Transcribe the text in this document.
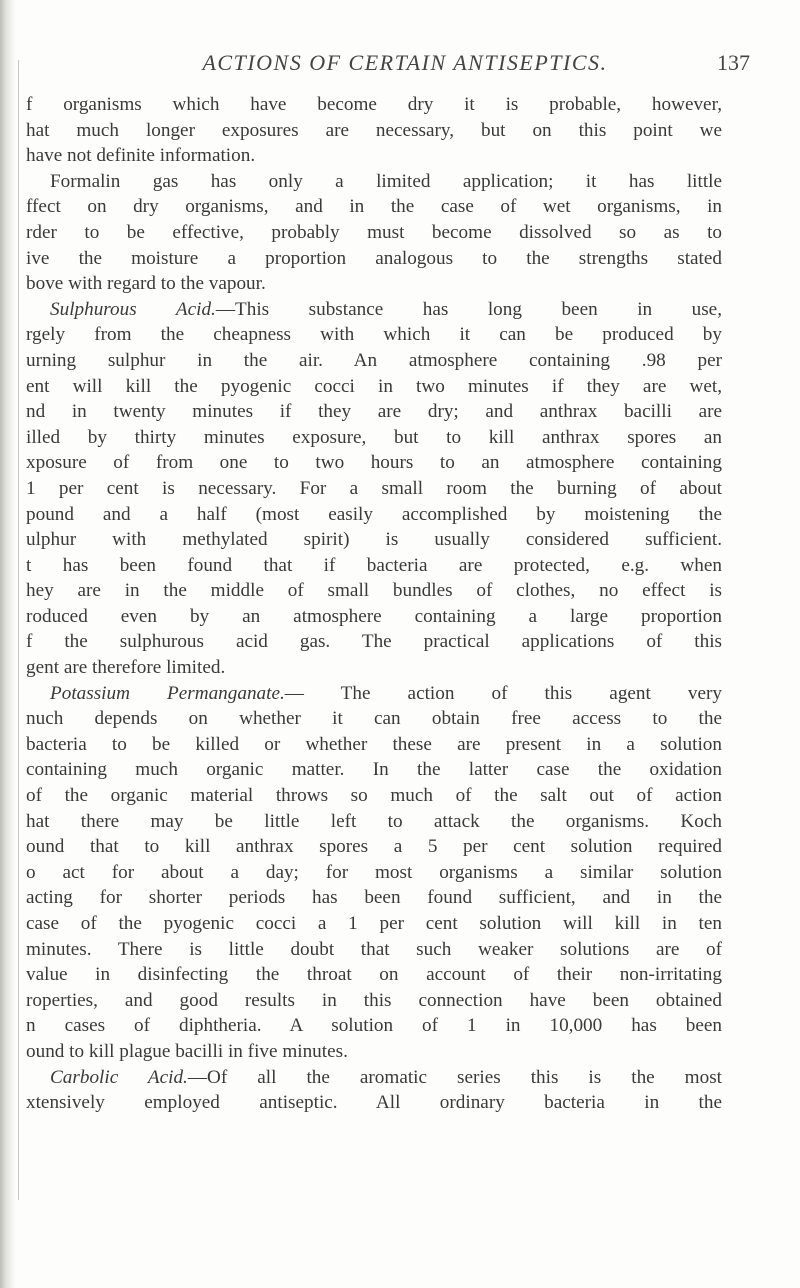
ACTIONS OF CERTAIN ANTISEPTICS.	137

f organisms which have become dry it is probable, however,

hat much longer exposures are necessary, but on this point we

have not definite information.

Formalin gas has only a limited application; it has little

ffect on dry organisms, and in the case of wet organisms, in

rder to be effective, probably must become dissolved so as to

ive the moisture a proportion analogous to the strengths stated

bove with regard to the vapour.

Sulphurous Acid.—This substance has long been in use,

rgely from the cheapness with which it can be produced by

urning sulphur in the air. An atmosphere containing .98 per

ent will kill the pyogenic cocci in two minutes if they are wet,

nd in twenty minutes if they are dry; and anthrax bacilli are

illed by thirty minutes exposure, but to kill anthrax spores an

xposure of from one to two hours to an atmosphere containing

1 per cent is necessary. For a small room the burning of about

pound and a half (most easily accomplished by moistening the

ulphur with methylated spirit) is usually considered sufficient.

t has been found that if bacteria are protected, e.g. when

hey are in the middle of small bundles of clothes, no effect is

roduced even by an atmosphere containing a large proportion

f the sulphurous acid gas. The practical applications of this

gent are therefore limited.

Potassium Permanganate.— The action of this agent very

nuch depends on whether it can obtain free access to the

bacteria to be killed or whether these are present in a solution

containing much organic matter. In the latter case the oxidation

of the organic material throws so much of the salt out of action

hat there may be little left to attack the organisms. Koch

ound that to kill anthrax spores a 5 per cent solution required

o act for about a day; for most organisms a similar solution

acting for shorter periods has been found sufficient, and in the

case of the pyogenic cocci a 1 per cent solution will kill in ten

minutes. There is little doubt that such weaker solutions are of

value in disinfecting the throat on account of their non-irritating

roperties, and good results in this connection have been obtained

n cases of diphtheria. A solution of 1 in 10,000 has been

ound to kill plague bacilli in five minutes.

Carbolic Acid.—Of all the aromatic series this is the most

xtensively employed antiseptic. All ordinary bacteria in the
